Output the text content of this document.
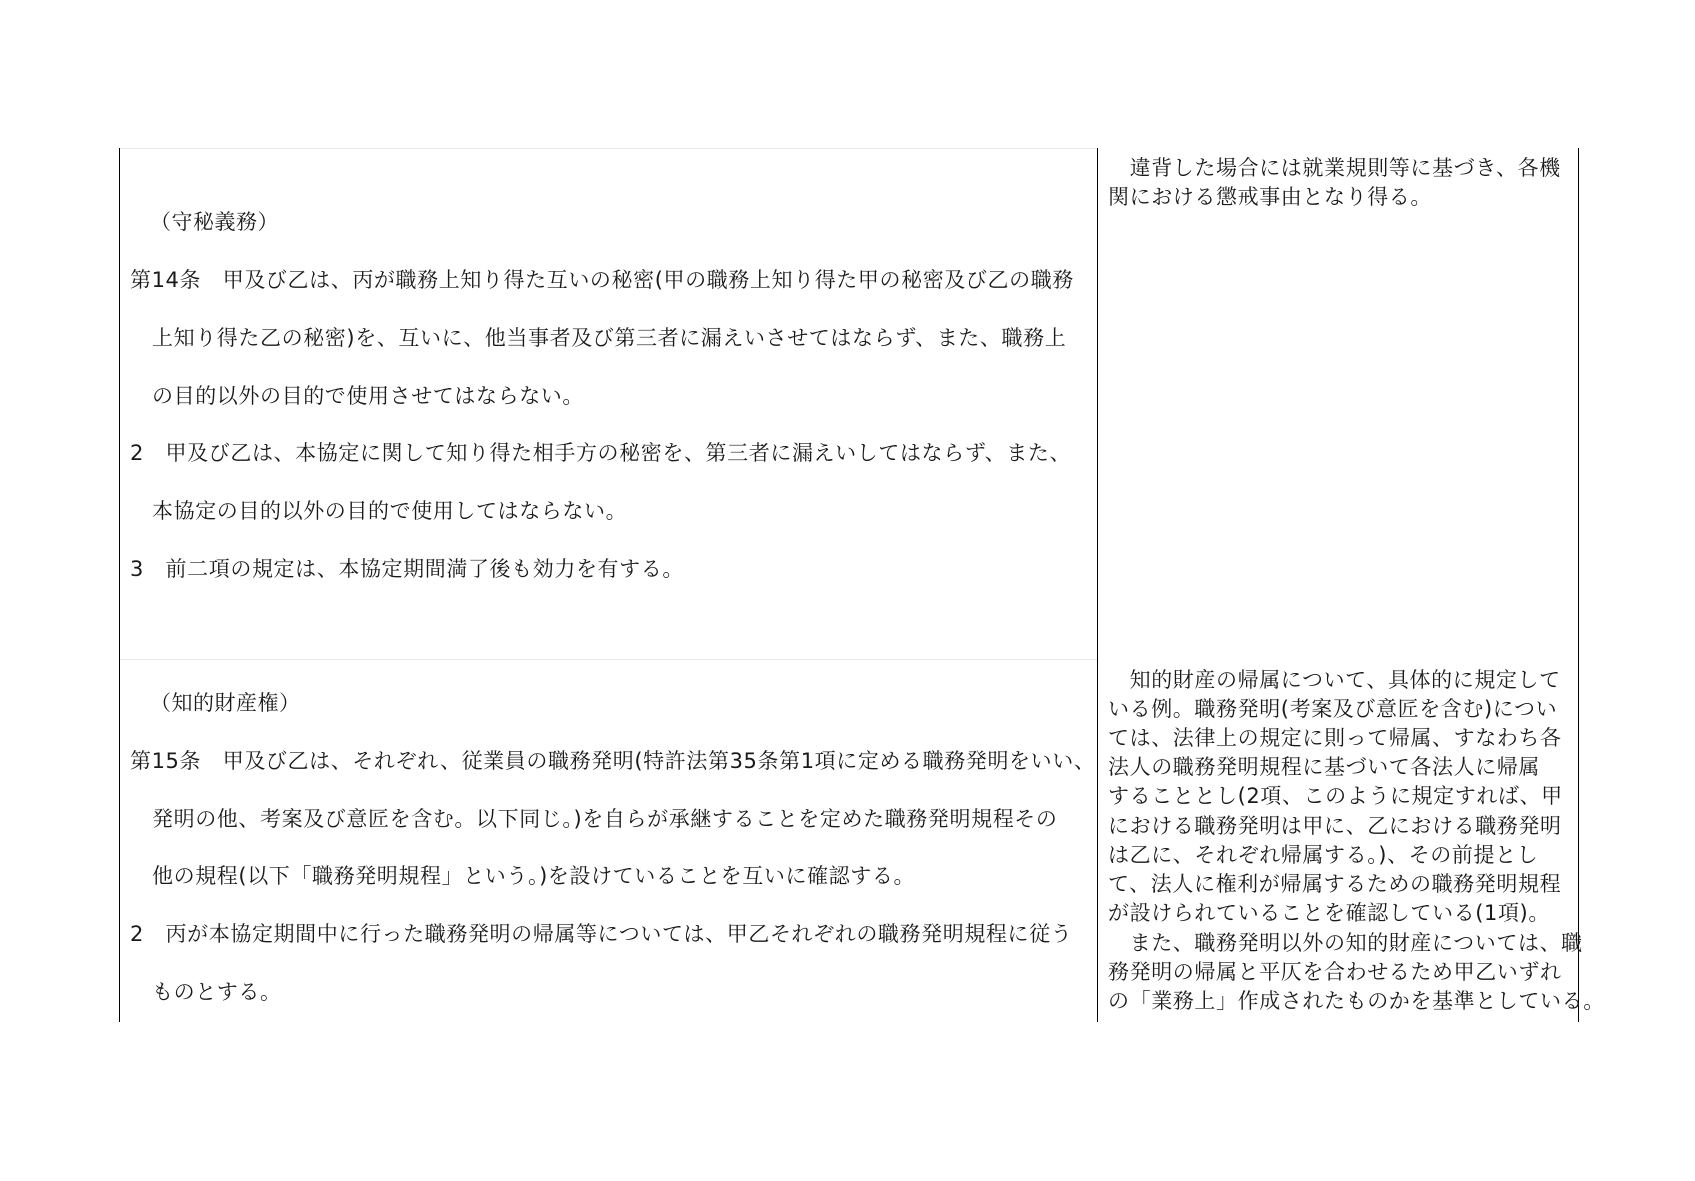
（守秘義務）
第14条　甲及び乙は、丙が職務上知り得た互いの秘密(甲の職務上知り得た甲の秘密及び乙の職務
上知り得た乙の秘密)を、互いに、他当事者及び第三者に漏えいさせてはならず、また、職務上
の目的以外の目的で使用させてはならない。
2　甲及び乙は、本協定に関して知り得た相手方の秘密を、第三者に漏えいしてはならず、また、
本協定の目的以外の目的で使用してはならない。
3　前二項の規定は、本協定期間満了後も効力を有する。
　違背した場合には就業規則等に基づき、各機
関における懲戒事由となり得る。
（知的財産権）
第15条　甲及び乙は、それぞれ、従業員の職務発明(特許法第35条第1項に定める職務発明をいい、
発明の他、考案及び意匠を含む。以下同じ。)を自らが承継することを定めた職務発明規程その
他の規程(以下「職務発明規程」という。)を設けていることを互いに確認する。
2　丙が本協定期間中に行った職務発明の帰属等については、甲乙それぞれの職務発明規程に従う
ものとする。
　知的財産の帰属について、具体的に規定して
いる例。職務発明(考案及び意匠を含む)につい
ては、法律上の規定に則って帰属、すなわち各
法人の職務発明規程に基づいて各法人に帰属
することとし(2項、このように規定すれば、甲
における職務発明は甲に、乙における職務発明
は乙に、それぞれ帰属する。)、その前提とし
て、法人に権利が帰属するための職務発明規程
が設けられていることを確認している(1項)。
　また、職務発明以外の知的財産については、職
務発明の帰属と平仄を合わせるため甲乙いずれ
の「業務上」作成されたものかを基準としている。
